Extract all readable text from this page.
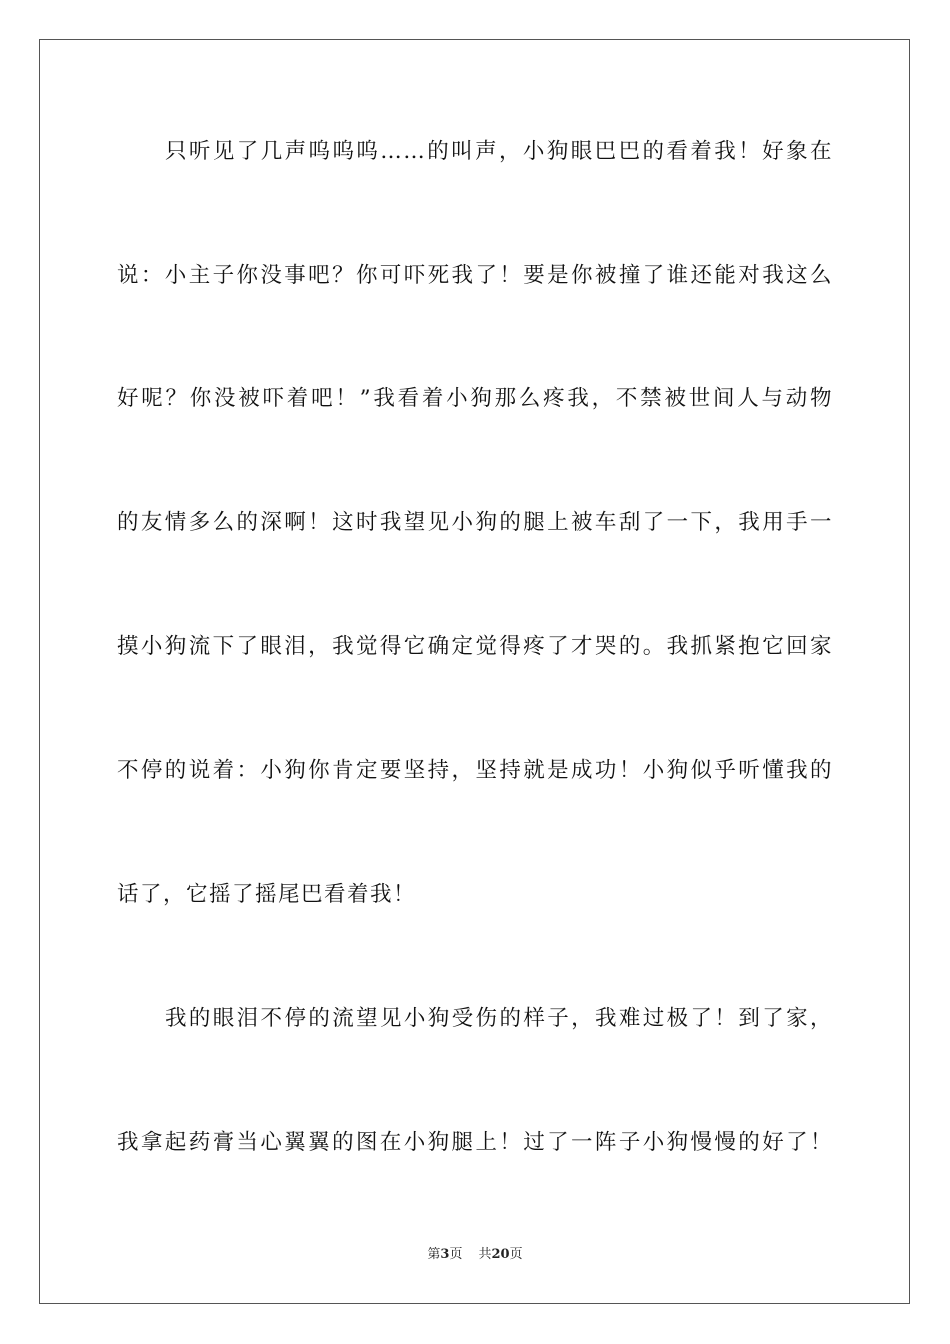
只听见了几声呜呜呜……的叫声，小狗眼巴巴的看着我！好象在
说：小主子你没事吧？你可吓死我了！要是你被撞了谁还能对我这么
好呢？你没被吓着吧！”我看着小狗那么疼我，不禁被世间人与动物
的友情多么的深啊！这时我望见小狗的腿上被车刮了一下，我用手一
摸小狗流下了眼泪，我觉得它确定觉得疼了才哭的。我抓紧抱它回家
不停的说着：小狗你肯定要坚持，坚持就是成功！小狗似乎听懂我的
话了，它摇了摇尾巴看着我！
我的眼泪不停的流望见小狗受伤的样子，我难过极了！到了家，
我拿起药膏当心翼翼的图在小狗腿上！过了一阵子小狗慢慢的好了！
第3页 共20页
